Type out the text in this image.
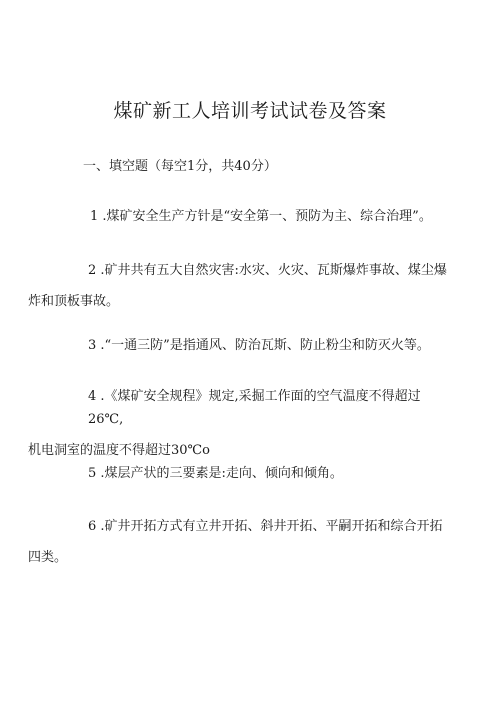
煤矿新工人培训考试试卷及答案
一、填空题（每空1分，共40分）
1 .煤矿安全生产方针是“安全第一、预防为主、综合治理”。
2 .矿井共有五大自然灾害:水灾、火灾、瓦斯爆炸事故、煤尘爆
炸和顶板事故。
3 .“一通三防”是指通风、防治瓦斯、防止粉尘和防灭火等。
4 .《煤矿安全规程》规定,采掘工作面的空气温度不得超过26℃,
机电洞室的温度不得超过30℃o
5 .煤层产状的三要素是:走向、倾向和倾角。
6 .矿井开拓方式有立井开拓、斜井开拓、平嗣开拓和综合开拓
四类。
